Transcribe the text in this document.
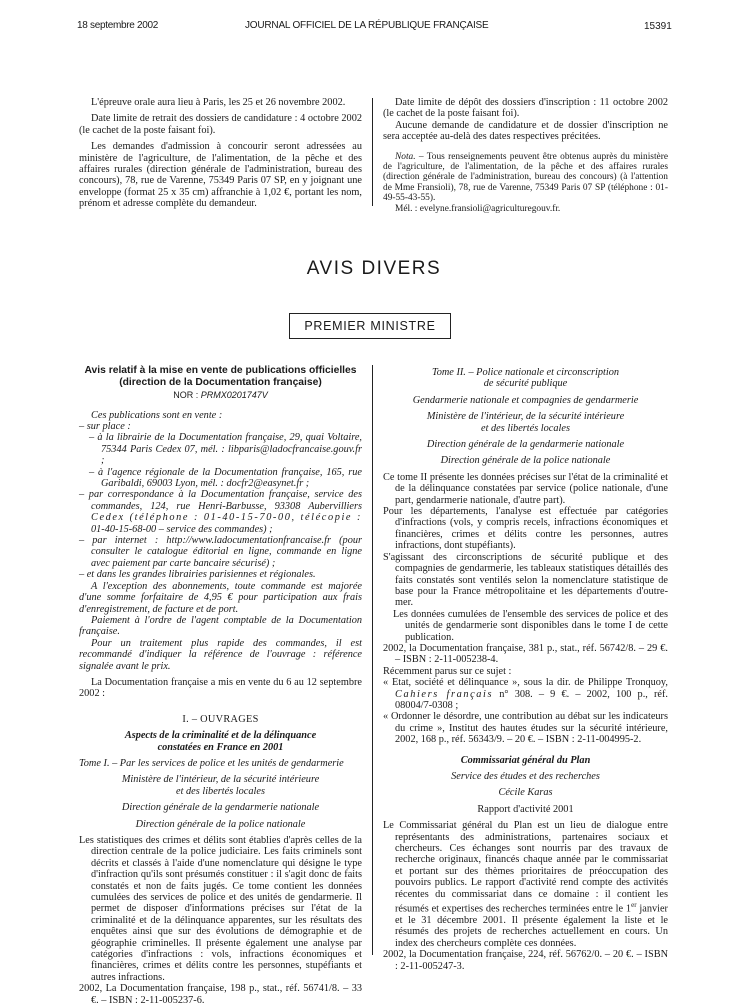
18 septembre 2002	JOURNAL OFFICIEL DE LA RÉPUBLIQUE FRANÇAISE	15391

L'épreuve orale aura lieu à Paris, les 25 et 26 novembre 2002.

Date limite de retrait des dossiers de candidature : 4 octobre 2002 (le cachet de la poste faisant foi).

Les demandes d'admission à concourir seront adressées au ministère de l'agriculture, de l'alimentation, de la pêche et des affaires rurales (direction générale de l'administration, bureau des concours), 78, rue de Varenne, 75349 Paris 07 SP, en y joignant une enveloppe (format 25 x 35 cm) affranchie à 1,02 €, portant les nom, prénom et adresse complète du demandeur.

Date limite de dépôt des dossiers d'inscription : 11 octobre 2002 (le cachet de la poste faisant foi).

Aucune demande de candidature et de dossier d'inscription ne sera acceptée au-delà des dates respectives précitées.

Nota. – Tous renseignements peuvent être obtenus auprès du ministère de l'agriculture, de l'alimentation, de la pêche et des affaires rurales (direction générale de l'administration, bureau des concours) (à l'attention de Mme Fransioli), 78, rue de Varenne, 75349 Paris 07 SP (téléphone : 01-49-55-43-55).

Mél. : evelyne.fransioli@agriculturegouv.fr.

AVIS DIVERS
PREMIER MINISTRE

Avis relatif à la mise en vente de publications officielles

(direction de la Documentation française)

NOR : PRMX0201747V

Ces publications sont en vente :

– sur place :

– à la librairie de la Documentation française, 29, quai Voltaire, 75344 Paris Cedex 07, mél. : libparis@ladocfrancaise.gouv.fr ;

– à l'agence régionale de la Documentation française, 165, rue Garibaldi, 69003 Lyon, mél. : docfr2@easynet.fr ;

– par correspondance à la Documentation française, service des commandes, 124, rue Henri-Barbusse, 93308 Aubervilliers Cedex (téléphone : 01-40-15-70-00, télécopie : 01-40-15-68-00 – service des commandes) ;

– par internet : http://www.ladocumentationfrancaise.fr (pour consulter le catalogue éditorial en ligne, commande en ligne avec paiement par carte bancaire sécurisé) ;

– et dans les grandes librairies parisiennes et régionales.

A l'exception des abonnements, toute commande est majorée d'une somme forfaitaire de 4,95 € pour participation aux frais d'enregistrement, de facture et de port.

Paiement à l'ordre de l'agent comptable de la Documentation française.

Pour un traitement plus rapide des commandes, il est recommandé d'indiquer la référence de l'ouvrage : référence signalée avant le prix.

La Documentation française a mis en vente du 6 au 12 septembre 2002 :

I. – OUVRAGES

Aspects de la criminalité et de la délinquance

constatées en France en 2001

Tome I. – Par les services de police et les unités de gendarmerie

Ministère de l'intérieur, de la sécurité intérieure

et des libertés locales

Direction générale de la gendarmerie nationale

Direction générale de la police nationale

Les statistiques des crimes et délits sont établies d'après celles de la direction centrale de la police judiciaire. Les faits criminels sont décrits et classés à l'aide d'une nomenclature qui désigne le type d'infraction qu'ils sont présumés constituer : il s'agit donc de faits constatés et non de faits jugés. Ce tome contient les données cumulées des services de police et des unités de gendarmerie. Il permet de disposer d'informations précises sur l'état de la criminalité et de la délinquance apparentes, sur les résultats des enquêtes ainsi que sur des évolutions de démographie et de géographie criminelles. Il présente également une analyse par catégories d'infractions : vols, infractions économiques et financières, crimes et délits contre les personnes, stupéfiants et autres infractions.

2002, La Documentation française, 198 p., stat., réf. 56741/8. – 33 €. – ISBN : 2-11-005237-6.

Tome II. – Police nationale et circonscription

de sécurité publique

Gendarmerie nationale et compagnies de gendarmerie

Ministère de l'intérieur, de la sécurité intérieure

et des libertés locales

Direction générale de la gendarmerie nationale

Direction générale de la police nationale

Ce tome II présente les données précises sur l'état de la criminalité et de la délinquance constatées par service (police nationale, d'une part, gendarmerie nationale, d'autre part).

Pour les départements, l'analyse est effectuée par catégories d'infractions (vols, y compris recels, infractions économiques et financières, crimes et délits contre les personnes, autres infractions, dont stupéfiants).

S'agissant des circonscriptions de sécurité publique et des compagnies de gendarmerie, les tableaux statistiques détaillés des faits constatés sont ventilés selon la nomenclature statistique de base pour la France métropolitaine et les départements d'outre-mer.

Les données cumulées de l'ensemble des services de police et des unités de gendarmerie sont disponibles dans le tome I de cette publication.

2002, la Documentation française, 381 p., stat., réf. 56742/8. – 29 €. – ISBN : 2-11-005238-4.

Récemment parus sur ce sujet :

« Etat, société et délinquance », sous la dir. de Philippe Tronquoy, Cahiers français n° 308. – 9 €. – 2002, 100 p., réf. 08004/7-0308 ;

« Ordonner le désordre, une contribution au débat sur les indicateurs du crime », Institut des hautes études sur la sécurité intérieure, 2002, 168 p., réf. 56343/9. – 20 €. – ISBN : 2-11-004995-2.

Commissariat général du Plan

Service des études et des recherches

Cécile Karas

Rapport d'activité 2001

Le Commissariat général du Plan est un lieu de dialogue entre représentants des administrations, partenaires sociaux et chercheurs. Ces échanges sont nourris par des travaux de recherche originaux, financés chaque année par le commissariat et portant sur des thèmes prioritaires de préoccupation des pouvoirs publics. Le rapport d'activité rend compte des activités récentes du commissariat dans ce domaine : il contient les résumés et expertises des recherches terminées entre le 1er janvier et le 31 décembre 2001. Il présente également la liste et le résumés des projets de recherches actuellement en cours. Un index des chercheurs complète ces données.

2002, la Documentation française, 224, réf. 56762/0. – 20 €. – ISBN : 2-11-005247-3.
